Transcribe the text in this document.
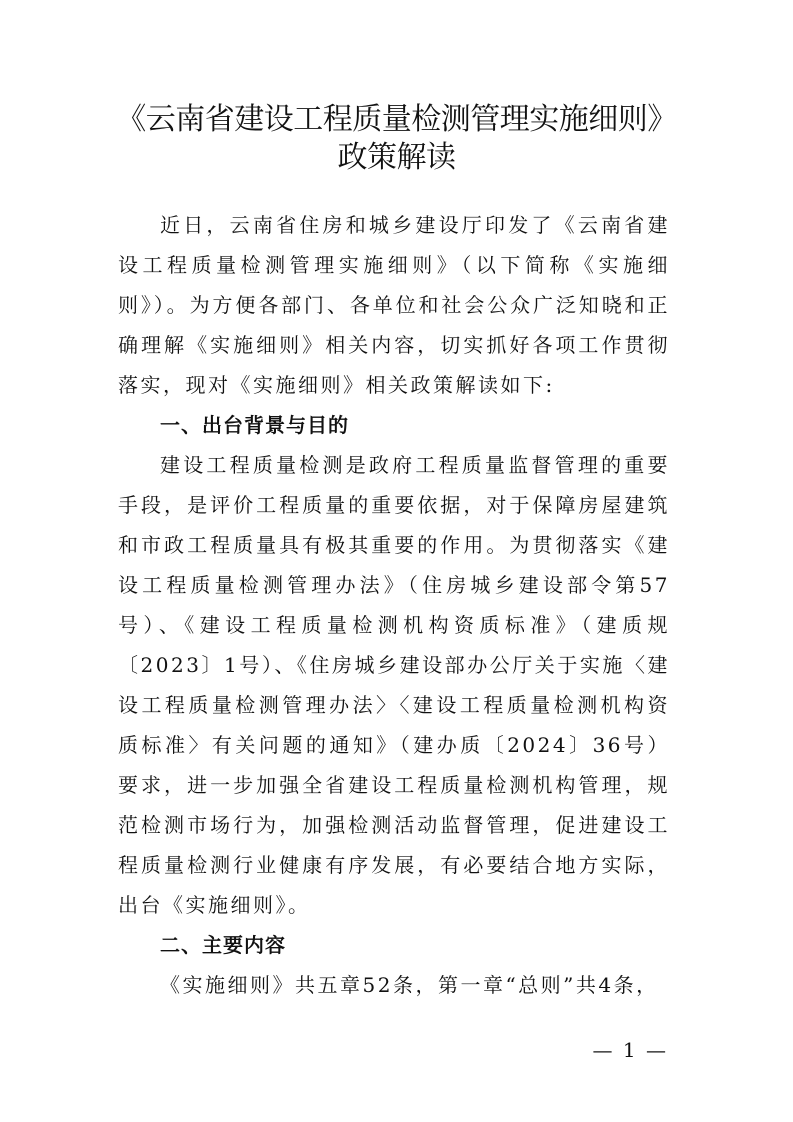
《云南省建设工程质量检测管理实施细则》
政策解读

近日，云南省住房和城乡建设厅印发了《云南省建设工程质量检测管理实施细则》（以下简称《实施细则》）。为方便各部门、各单位和社会公众广泛知晓和正确理解《实施细则》相关内容，切实抓好各项工作贯彻落实，现对《实施细则》相关政策解读如下:

一、出台背景与目的

建设工程质量检测是政府工程质量监督管理的重要手段，是评价工程质量的重要依据，对于保障房屋建筑和市政工程质量具有极其重要的作用。为贯彻落实《建设工程质量检测管理办法》（住房城乡建设部令第57号）、《建设工程质量检测机构资质标准》（建质规〔2023〕1号）、《住房城乡建设部办公厅关于实施〈建设工程质量检测管理办法〉〈建设工程质量检测机构资质标准〉有关问题的通知》（建办质〔2024〕36号）要求，进一步加强全省建设工程质量检测机构管理，规范检测市场行为，加强检测活动监督管理，促进建设工程质量检测行业健康有序发展，有必要结合地方实际，出台《实施细则》。

二、主要内容

《实施细则》共五章52条，第一章“总则”共4条，

— 1 —
